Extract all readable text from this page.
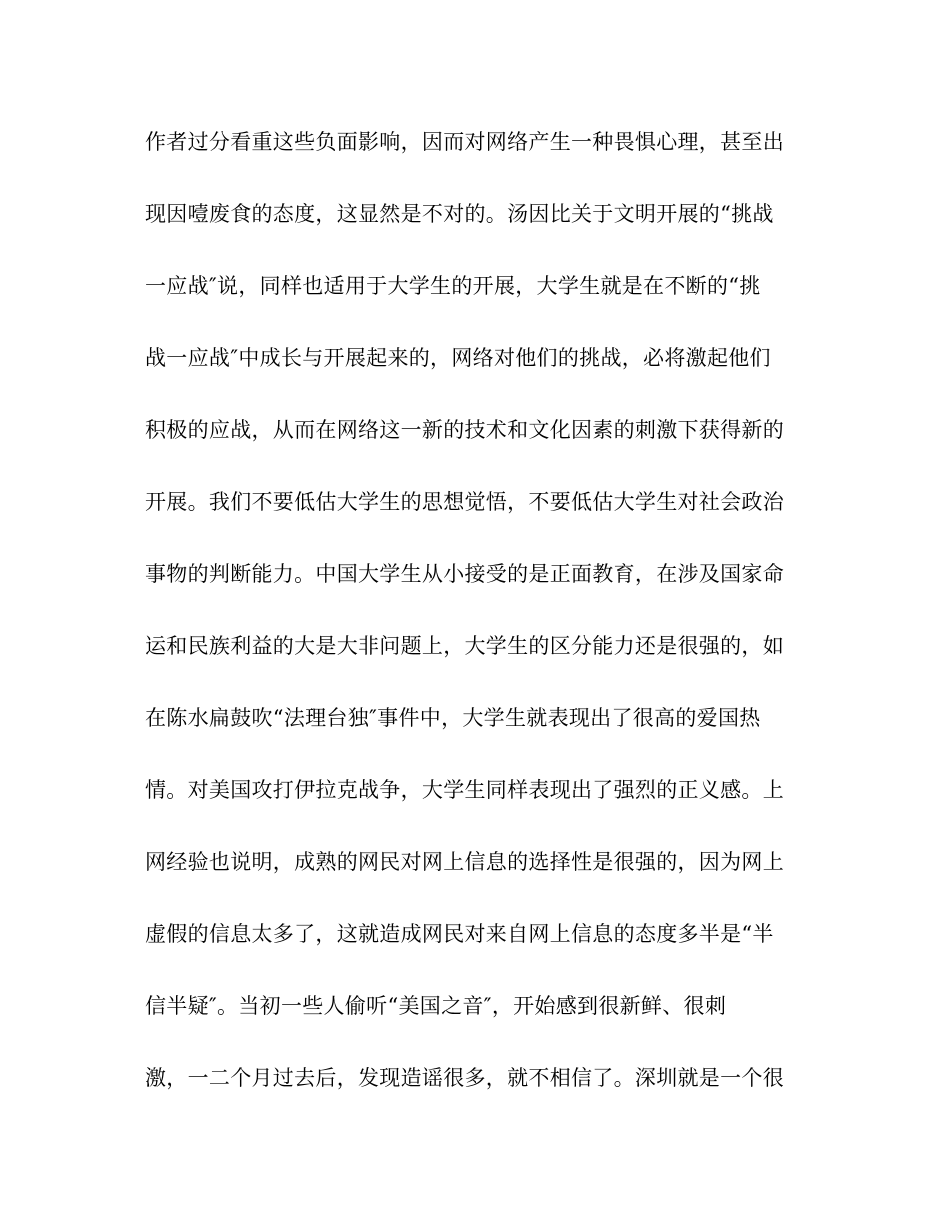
作者过分看重这些负面影响，因而对网络产生一种畏惧心理，甚至出
现因噎废食的态度，这显然是不对的。汤因比关于文明开展的“挑战
一应战″说，同样也适用于大学生的开展，大学生就是在不断的“挑
战一应战″中成长与开展起来的，网络对他们的挑战，必将激起他们
积极的应战，从而在网络这一新的技术和文化因素的刺激下获得新的
开展。我们不要低估大学生的思想觉悟，不要低估大学生对社会政治
事物的判断能力。中国大学生从小接受的是正面教育，在涉及国家命
运和民族利益的大是大非问题上，大学生的区分能力还是很强的，如
在陈水扁鼓吹“法理台独″事件中，大学生就表现出了很高的爱国热
情。对美国攻打伊拉克战争，大学生同样表现出了强烈的正义感。上
网经验也说明，成熟的网民对网上信息的选择性是很强的，因为网上
虚假的信息太多了，这就造成网民对来自网上信息的态度多半是“半
信半疑″。当初一些人偷听“美国之音″，开始感到很新鲜、很刺
激，一二个月过去后，发现造谣很多，就不相信了。深圳就是一个很
